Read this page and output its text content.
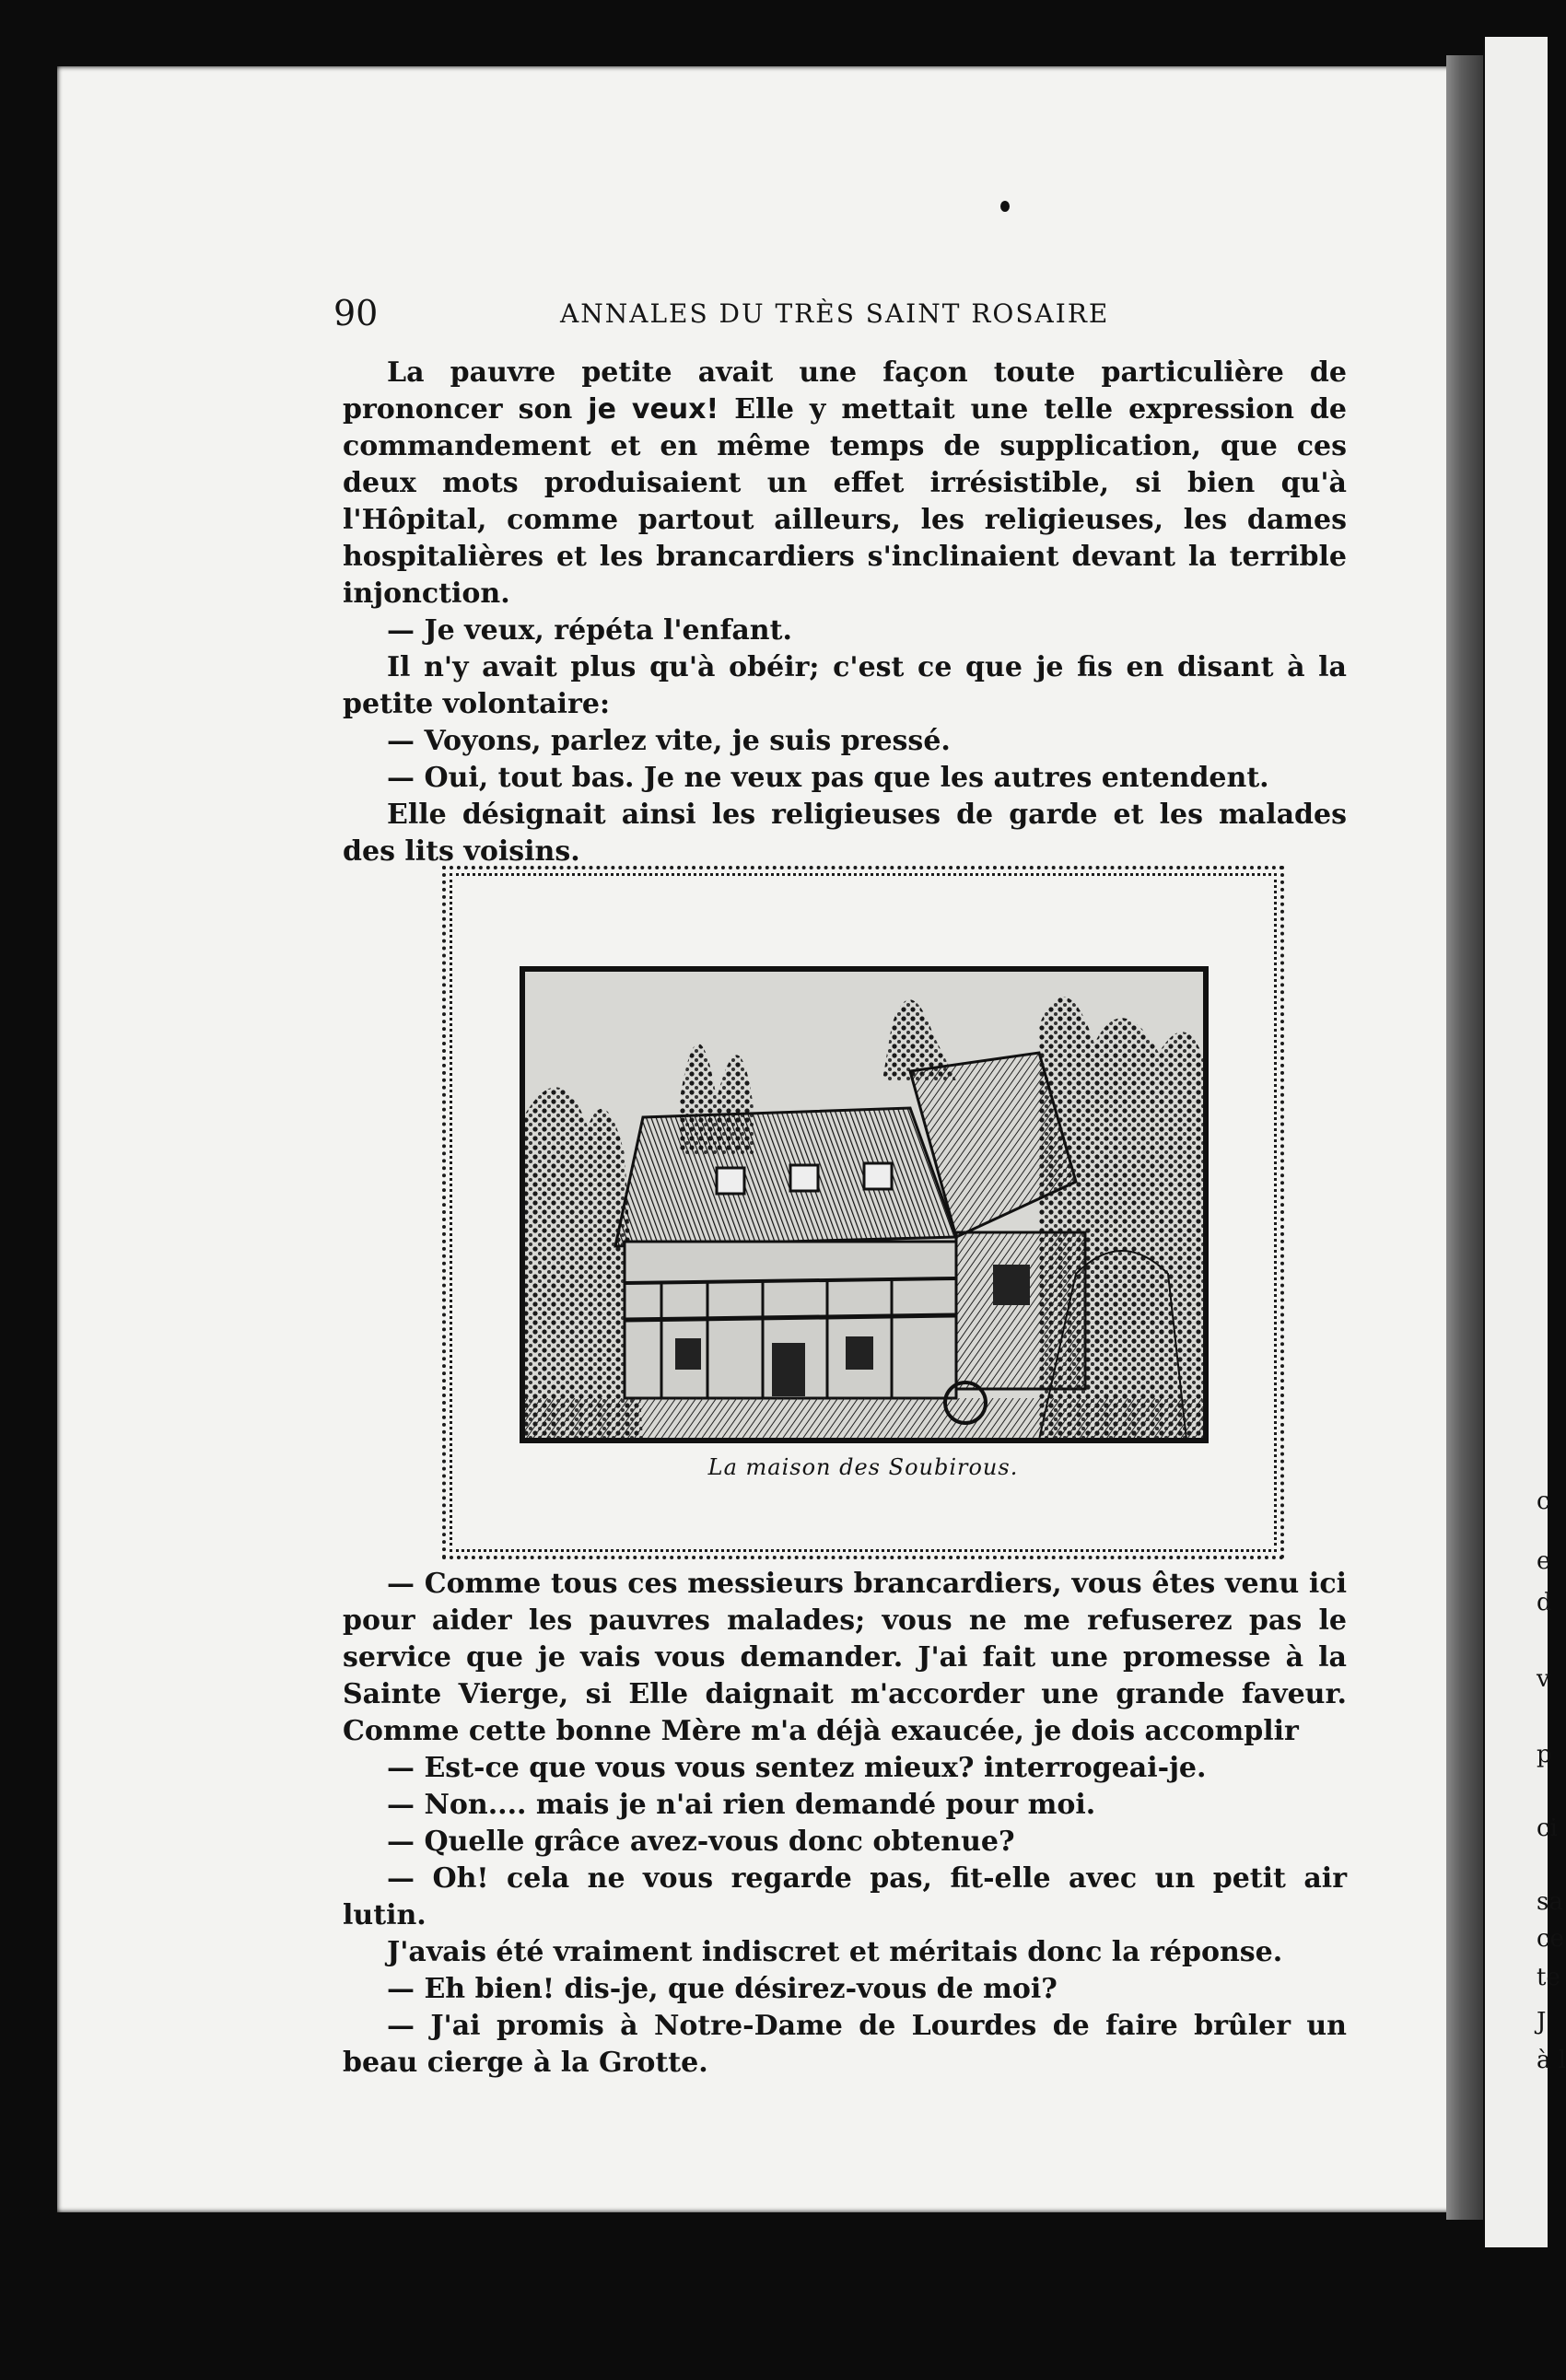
c
e
d
v
p
ci
sa
ce
te
J
à l
90	ANNALES DU TRÈS SAINT ROSAIRE

La pauvre petite avait une façon toute particulière de prononcer son je veux! Elle y mettait une telle expression de commandement et en même temps de supplication, que ces deux mots produisaient un effet irrésistible, si bien qu'à l'Hôpital, comme partout ailleurs, les religieuses, les dames hospitalières et les brancardiers s'inclinaient devant la terrible injonction.

— Je veux, répéta l'enfant.

Il n'y avait plus qu'à obéir; c'est ce que je fis en disant à la petite volontaire:

— Voyons, parlez vite, je suis pressé.

— Oui, tout bas. Je ne veux pas que les autres entendent.

Elle désignait ainsi les religieuses de garde et les malades des lits voisins.

La maison des Soubirous.

— Comme tous ces messieurs brancardiers, vous êtes venu ici pour aider les pauvres malades; vous ne me refuserez pas le service que je vais vous demander. J'ai fait une promesse à la Sainte Vierge, si Elle daignait m'accorder une grande faveur. Comme cette bonne Mère m'a déjà exaucée, je dois accomplir

— Est-ce que vous vous sentez mieux? interrogeai-je.

— Non.... mais je n'ai rien demandé pour moi.

— Quelle grâce avez-vous donc obtenue?

— Oh! cela ne vous regarde pas, fit-elle avec un petit air lutin.

J'avais été vraiment indiscret et méritais donc la réponse.

— Eh bien! dis-je, que désirez-vous de moi?

— J'ai promis à Notre-Dame de Lourdes de faire brûler un beau cierge à la Grotte.
